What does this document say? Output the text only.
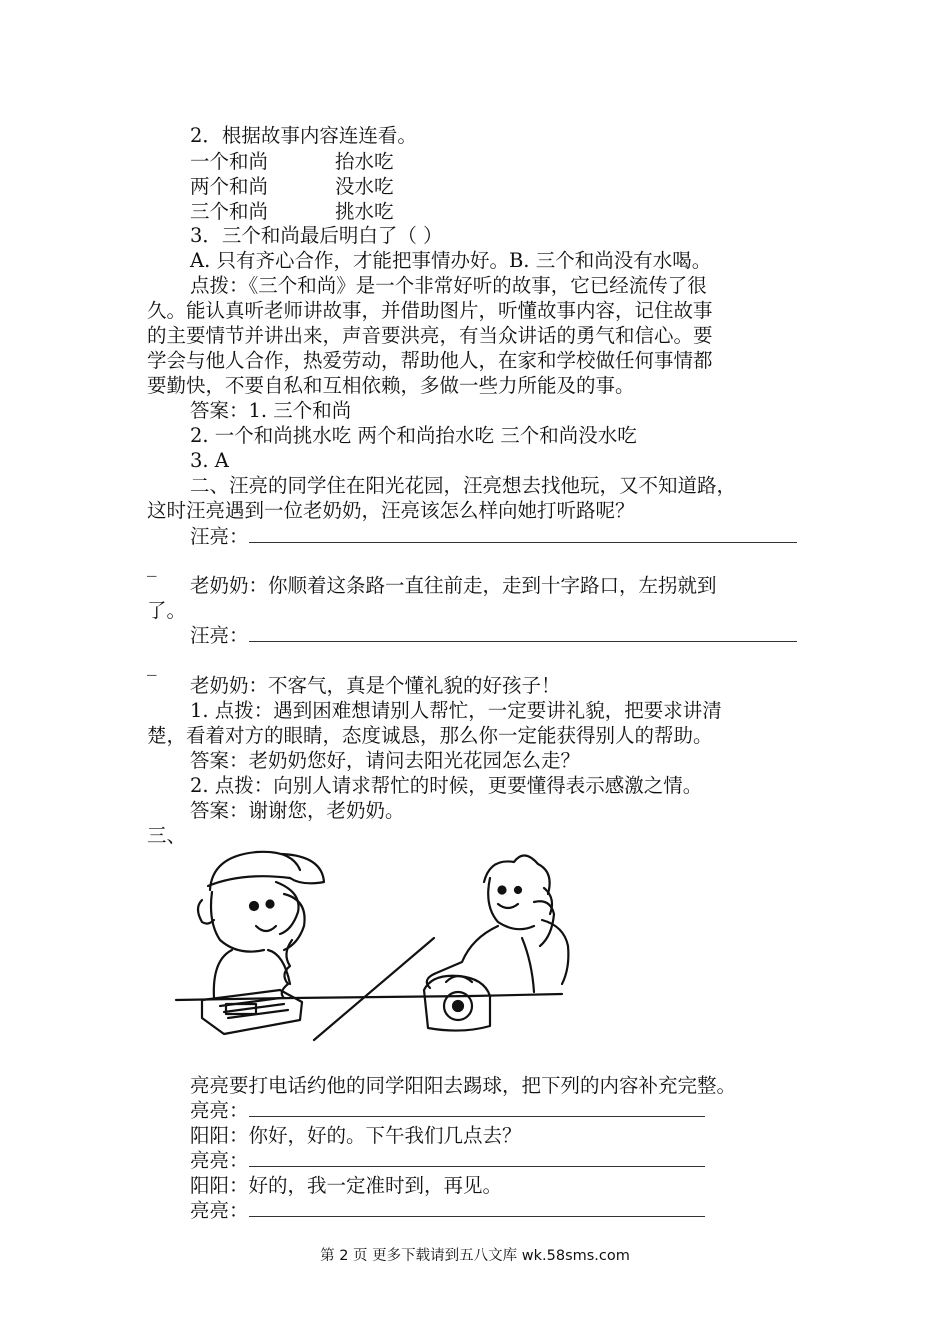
2．根据故事内容连连看。
一个和尚	抬水吃
两个和尚	没水吃
三个和尚	挑水吃
3．三个和尚最后明白了（ ）
A. 只有齐心合作，才能把事情办好。B. 三个和尚没有水喝。
点拨：《三个和尚》是一个非常好听的故事，它已经流传了很
久。能认真听老师讲故事，并借助图片，听懂故事内容，记住故事
的主要情节并讲出来，声音要洪亮，有当众讲话的勇气和信心。要
学会与他人合作，热爱劳动，帮助他人，在家和学校做任何事情都
要勤快，不要自私和互相依赖，多做一些力所能及的事。
答案：1. 三个和尚
2. 一个和尚挑水吃 两个和尚抬水吃 三个和尚没水吃
3. A
二、汪亮的同学住在阳光花园，汪亮想去找他玩，又不知道路，
这时汪亮遇到一位老奶奶，汪亮该怎么样向她打听路呢？
汪亮：
_
老奶奶：你顺着这条路一直往前走，走到十字路口，左拐就到
了。
汪亮：
_
老奶奶：不客气，真是个懂礼貌的好孩子！
1. 点拨：遇到困难想请别人帮忙，一定要讲礼貌，把要求讲清
楚，看着对方的眼睛，态度诚恳，那么你一定能获得别人的帮助。
答案：老奶奶您好，请问去阳光花园怎么走？
2. 点拨：向别人请求帮忙的时候，更要懂得表示感激之情。
答案：谢谢您，老奶奶。
三、
亮亮要打电话约他的同学阳阳去踢球，把下列的内容补充完整。
亮亮：
阳阳：你好，好的。下午我们几点去？
亮亮：
阳阳：好的，我一定准时到，再见。
亮亮：
第 2 页 更多下载请到五八文库 wk.58sms.com
